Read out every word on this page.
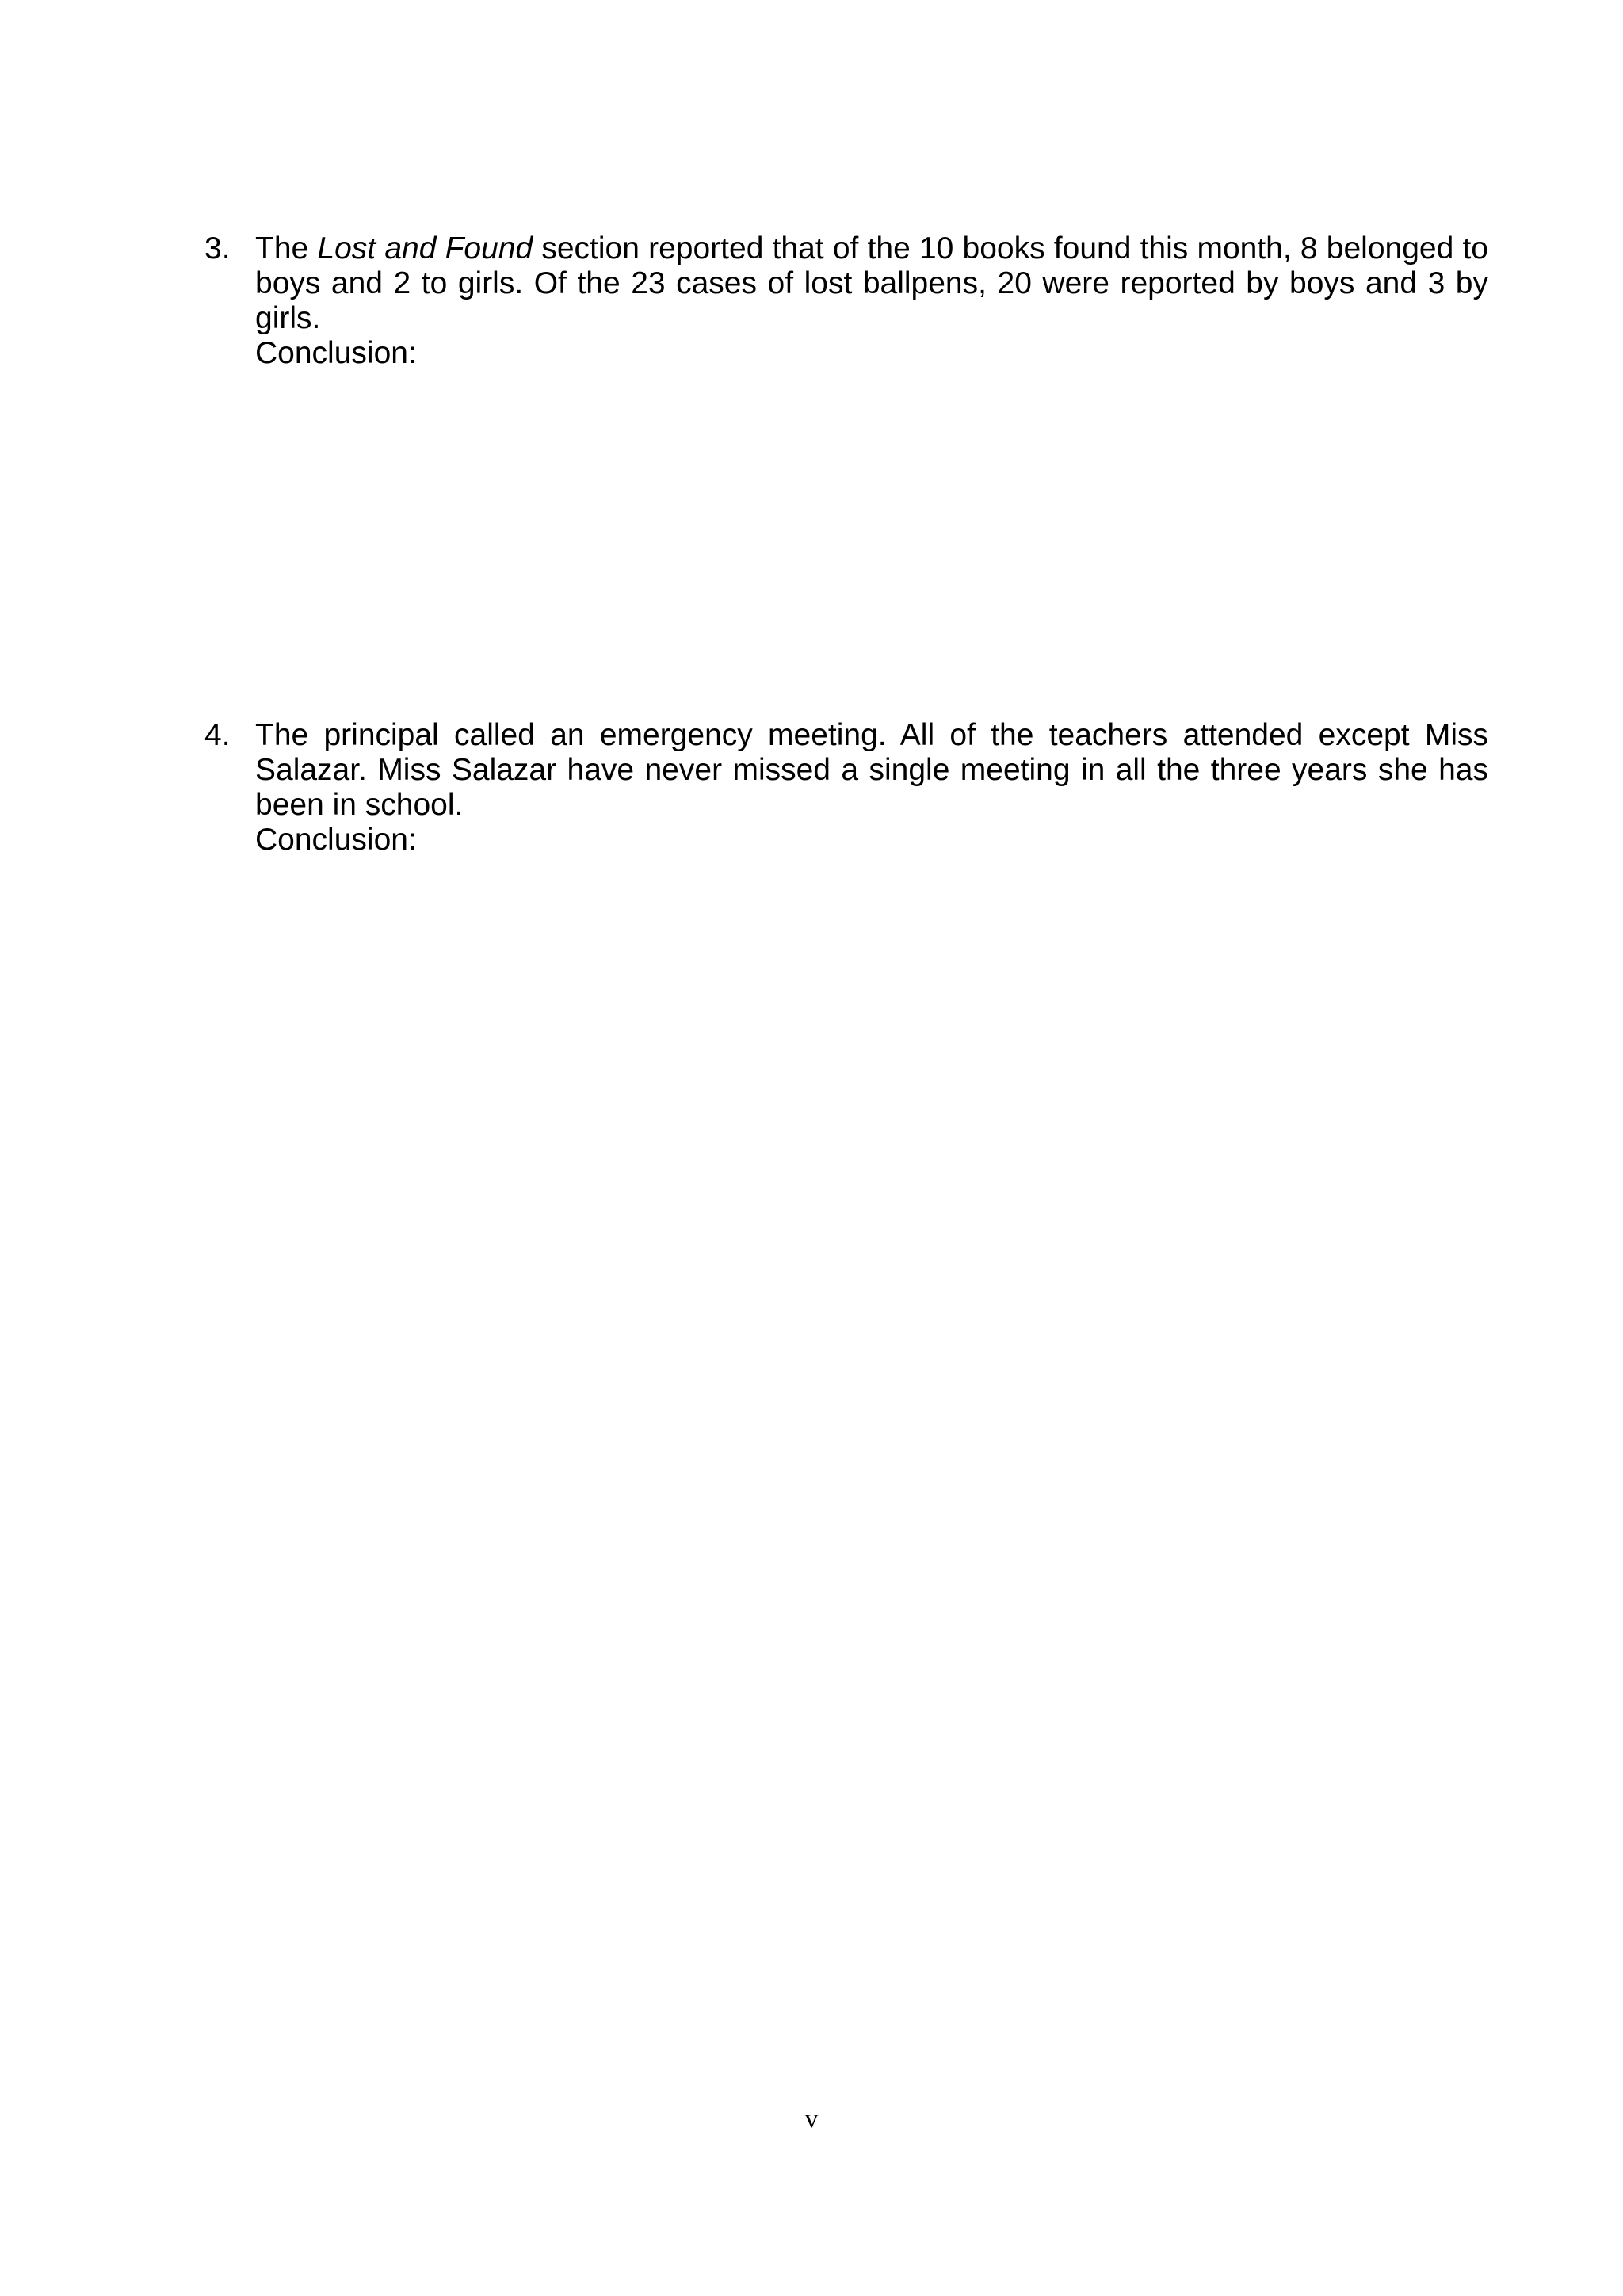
3. The Lost and Found section reported that of the 10 books found this month, 8 belonged to boys and 2 to girls. Of the 23 cases of lost ballpens, 20 were reported by boys and 3 by girls.

Conclusion:
4. The principal called an emergency meeting. All of the teachers attended except Miss Salazar. Miss Salazar have never missed a single meeting in all the three years she has been in school.

Conclusion:
v
